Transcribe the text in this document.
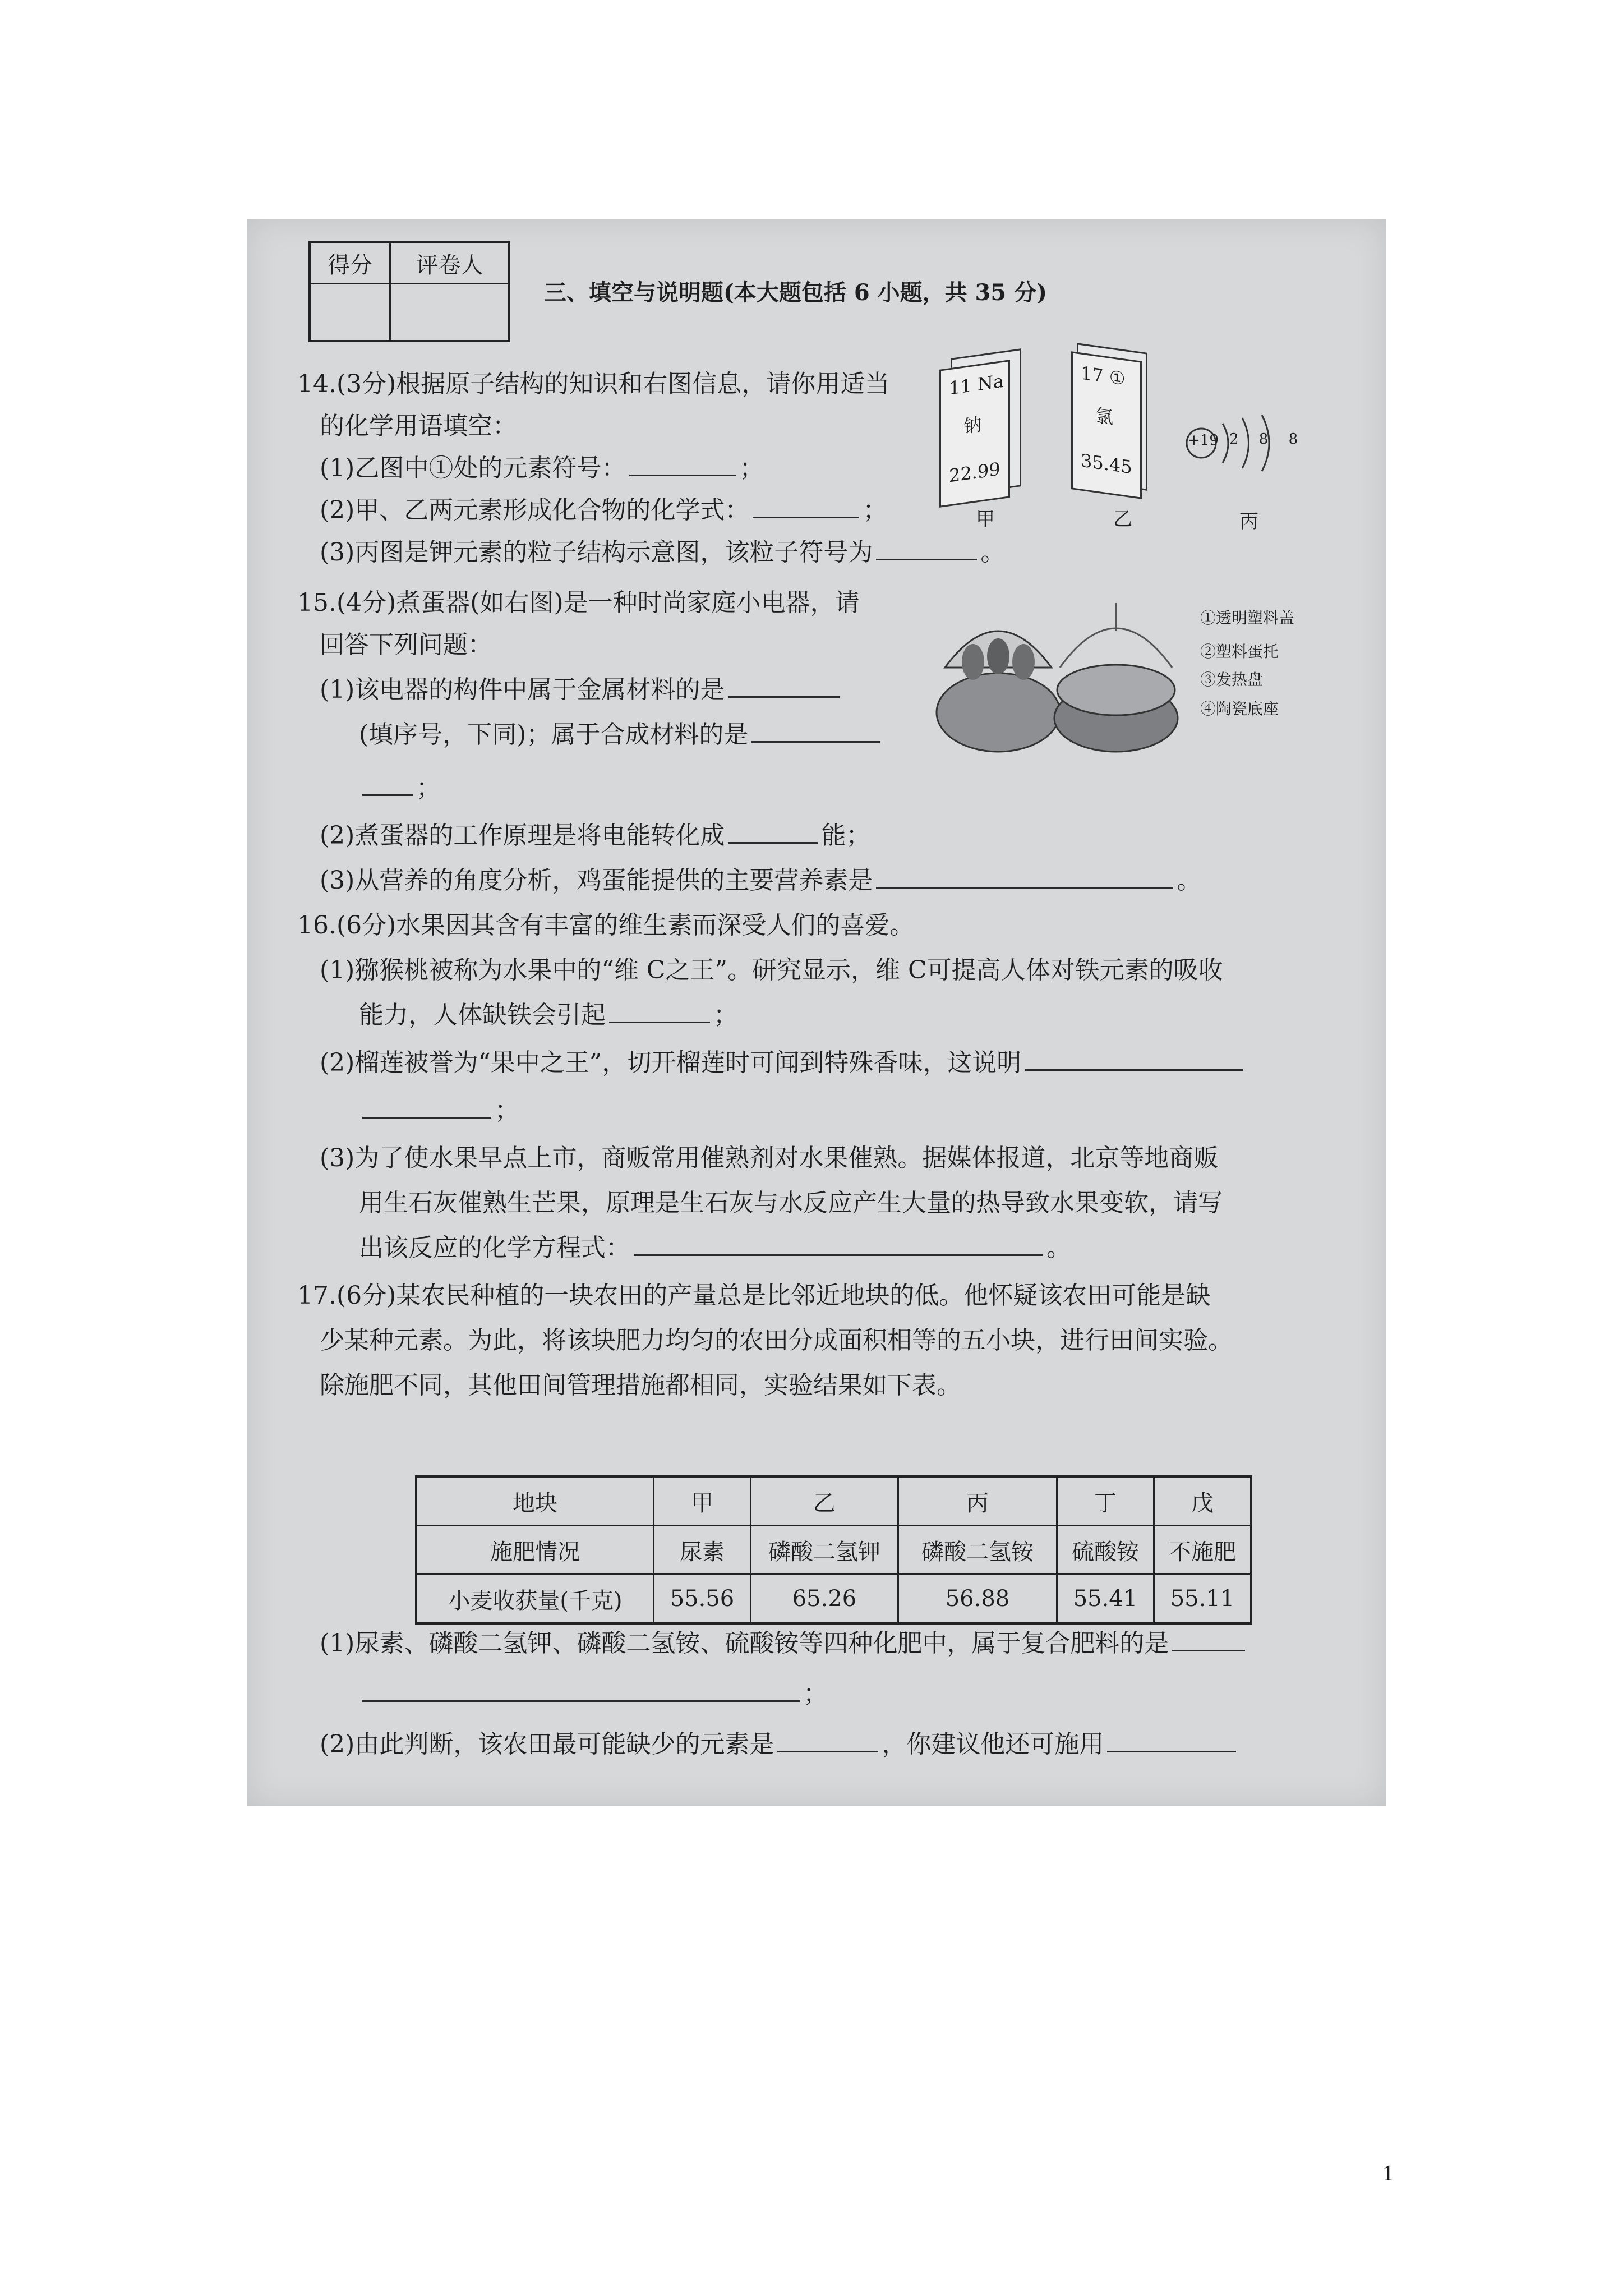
得分	评卷人

三、填空与说明题(本大题包括 6 小题，共 35 分)
14.(3分)根据原子结构的知识和右图信息，请你用适当
的化学用语填空：
(1)乙图中①处的元素符号：	；
(2)甲、乙两元素形成化合物的化学式：	；
(3)丙图是钾元素的粒子结构示意图，该粒子符号为	。
11 Na
钠
22.99
甲
17 ①
氯
35.45
乙
+19 2 8 8
丙
15.(4分)煮蛋器(如右图)是一种时尚家庭小电器，请
回答下列问题：
(1)该电器的构件中属于金属材料的是
(填序号，下同)；属于合成材料的是
；
(2)煮蛋器的工作原理是将电能转化成	能；
(3)从营养的角度分析，鸡蛋能提供的主要营养素是	。
①透明塑料盖
②塑料蛋托
③发热盘
④陶瓷底座
16.(6分)水果因其含有丰富的维生素而深受人们的喜爱。
(1)猕猴桃被称为水果中的“维 C之王”。研究显示，维 C可提高人体对铁元素的吸收
能力，人体缺铁会引起	；
(2)榴莲被誉为“果中之王”，切开榴莲时可闻到特殊香味，这说明
；
(3)为了使水果早点上市，商贩常用催熟剂对水果催熟。据媒体报道，北京等地商贩
用生石灰催熟生芒果，原理是生石灰与水反应产生大量的热导致水果变软，请写
出该反应的化学方程式：	。
17.(6分)某农民种植的一块农田的产量总是比邻近地块的低。他怀疑该农田可能是缺
少某种元素。为此，将该块肥力均匀的农田分成面积相等的五小块，进行田间实验。
除施肥不同，其他田间管理措施都相同，实验结果如下表。
地块	甲	乙	丙	丁	戊
施肥情况	尿素	磷酸二氢钾	磷酸二氢铵	硫酸铵	不施肥
小麦收获量(千克)	55.56	65.26	56.88	55.41	55.11
(1)尿素、磷酸二氢钾、磷酸二氢铵、硫酸铵等四种化肥中，属于复合肥料的是
；
(2)由此判断，该农田最可能缺少的元素是	，你建议他还可施用
1
